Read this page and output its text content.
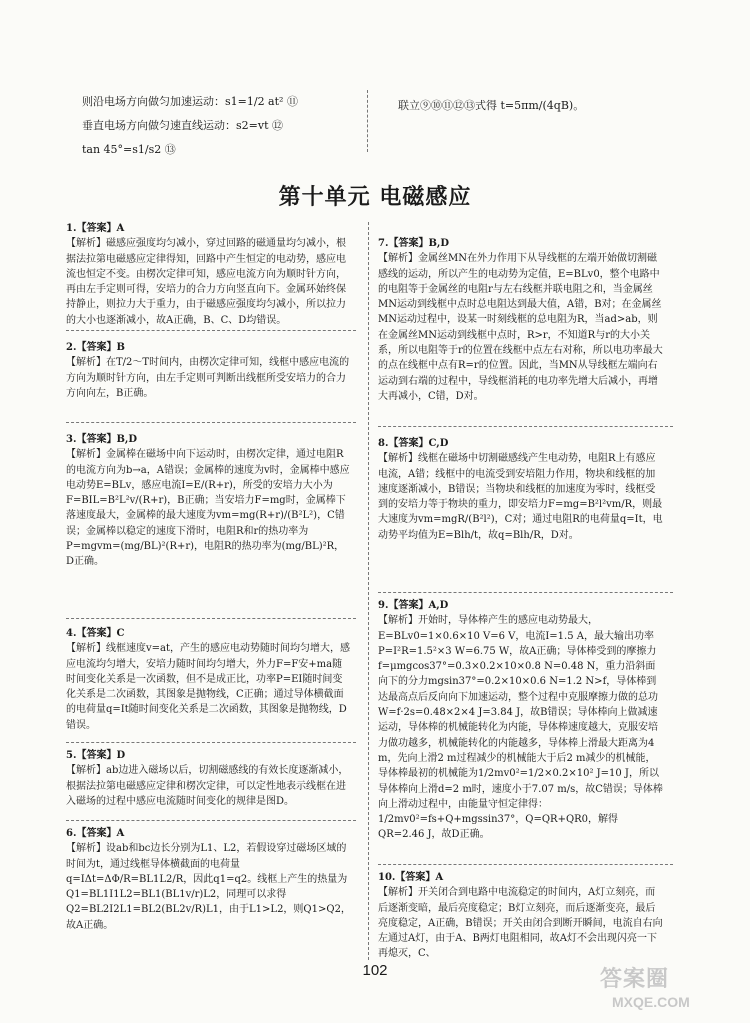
则沿电场方向做匀加速运动：s1=1/2 at² ⑪
垂直电场方向做匀速直线运动：s2=vt ⑫
tan 45°=s1/s2 ⑬
联立⑨⑩⑪⑫⑬式得 t=5πm/(4qB)。
第十单元 电磁感应
1.【答案】A
【解析】磁感应强度均匀减小，穿过回路的磁通量均匀减小，根据法拉第电磁感应定律得知，回路中产生恒定的电动势，感应电流也恒定不变。由楞次定律可知，感应电流方向为顺时针方向，再由左手定则可得，安培力的合力方向竖直向下。金属环始终保持静止，则拉力大于重力，由于磁感应强度均匀减小，所以拉力的大小也逐渐减小，故A正确，B、C、D均错误。
2.【答案】B
【解析】在T/2～T时间内，由楞次定律可知，线框中感应电流的方向为顺时针方向，由左手定则可判断出线框所受安培力的合力方向向左，B正确。
3.【答案】B,D
【解析】金属棒在磁场中向下运动时，由楞次定律，通过电阻R的电流方向为b→a，A错误；金属棒的速度为v时，金属棒中感应电动势E=BLv，感应电流I=E/(R+r)，所受的安培力大小为F=BIL=B²L²v/(R+r)，B正确；当安培力F=mg时，金属棒下落速度最大，金属棒的最大速度为vm=mg(R+r)/(B²L²)，C错误；金属棒以稳定的速度下滑时，电阻R和r的热功率为P=mgvm=(mg/BL)²(R+r)，电阻R的热功率为(mg/BL)²R，D正确。
4.【答案】C
【解析】线框速度v=at，产生的感应电动势随时间均匀增大，感应电流均匀增大，安培力随时间均匀增大，外力F=F安+ma随时间变化关系是一次函数，但不是成正比，功率P=EI随时间变化关系是二次函数，其图象是抛物线，C正确；通过导体横截面的电荷量q=It随时间变化关系是二次函数，其图象是抛物线，D错误。
5.【答案】D
【解析】ab边进入磁场以后，切割磁感线的有效长度逐渐减小，根据法拉第电磁感应定律和楞次定律，可以定性地表示线框在进入磁场的过程中感应电流随时间变化的规律是图D。
6.【答案】A
【解析】设ab和bc边长分别为L1、L2，若假设穿过磁场区域的时间为t，通过线框导体横截面的电荷量q=IΔt=ΔΦ/R=BL1L2/R，因此q1=q2。线框上产生的热量为Q1=BL1I1L2=BL1(BL1v/r)L2，同理可以求得Q2=BL2I2L1=BL2(BL2v/R)L1，由于L1>L2，则Q1>Q2，故A正确。
7.【答案】B,D
【解析】金属丝MN在外力作用下从导线框的左端开始做切割磁感线的运动，所以产生的电动势为定值，E=BLv0，整个电路中的电阻等于金属丝的电阻r与左右线框并联电阻之和，当金属丝MN运动到线框中点时总电阻达到最大值，A错，B对；在金属丝MN运动过程中，设某一时刻线框的总电阻为R，当ad>ab，则在金属丝MN运动到线框中点时，R>r，不知道R与r的大小关系，所以电阻等于r的位置在线框中点左右对称，所以电功率最大的点在线框中点有R=r的位置。因此，当MN从导线框左端向右运动到右端的过程中，导线框消耗的电功率先增大后减小，再增大再减小，C错，D对。
8.【答案】C,D
【解析】线框在磁场中切割磁感线产生电动势，电阻R上有感应电流，A错；线框中的电流受到安培阻力作用，物块和线框的加速度逐渐减小，B错误；当物块和线框的加速度为零时，线框受到的安培力等于物块的重力，即安培力F=mg=B²l²vm/R，则最大速度为vm=mgR/(B²l²)，C对；通过电阻R的电荷量q=It，电动势平均值为E=Blh/t，故q=Blh/R，D对。
9.【答案】A,D
【解析】开始时，导体棒产生的感应电动势最大，E=BLv0=1×0.6×10 V=6 V，电流I=1.5 A，最大输出功率P=I²R=1.5²×3 W=6.75 W，故A正确；导体棒受到的摩擦力f=μmgcos37°=0.3×0.2×10×0.8 N=0.48 N，重力沿斜面向下的分力mgsin37°=0.2×10×0.6 N=1.2 N>f，导体棒到达最高点后反向向下加速运动，整个过程中克服摩擦力做的总功W=f·2s=0.48×2×4 J=3.84 J，故B错误；导体棒向上做减速运动，导体棒的机械能转化为内能，导体棒速度越大，克服安培力做功越多，机械能转化的内能越多，导体棒上滑最大距离为4 m，先向上滑2 m过程减少的机械能大于后2 m减少的机械能，导体棒最初的机械能为1/2mv0²=1/2×0.2×10² J=10 J，所以导体棒向上滑d=2 m时，速度小于7.07 m/s，故C错误；导体棒向上滑动过程中，由能量守恒定律得：1/2mv0²=fs+Q+mgssin37°，Q=QR+QR0，解得QR=2.46 J，故D正确。
10.【答案】A
【解析】开关闭合到电路中电流稳定的时间内，A灯立刻亮，而后逐渐变暗，最后亮度稳定；B灯立刻亮，而后逐渐变亮，最后亮度稳定，A正确，B错误；开关由闭合到断开瞬间，电流自右向左通过A灯，由于A、B两灯电阻相同，故A灯不会出现闪亮一下再熄灭，C、
102	答案圈
MXQE.COM
